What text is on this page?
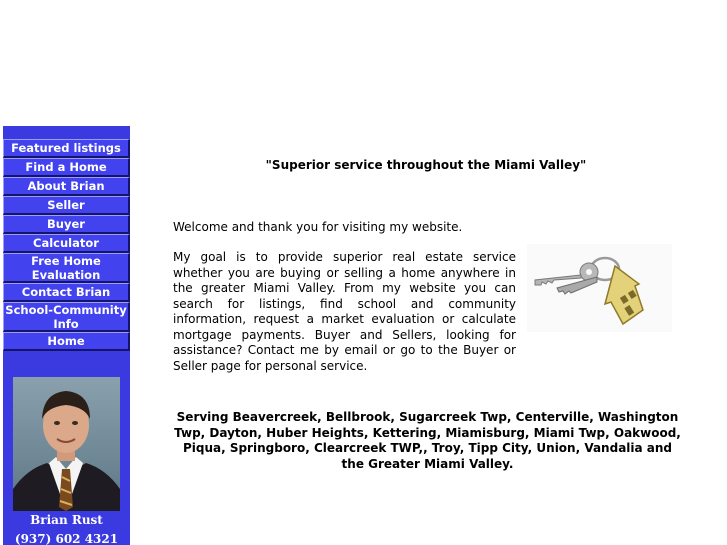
Featured listings
Find a Home
About Brian
Seller
Buyer
Calculator
Free Home Evaluation
Contact Brian
School-Community Info
Home
Brian Rust
(937) 602 4321
"Superior service throughout the Miami Valley"
Welcome and thank you for visiting my website.
My goal is to provide superior real estate service whether you are buying or selling a home anywhere in the greater Miami Valley. From my website you can search for listings, find school and community information, request a market evaluation or calculate mortgage payments. Buyer and Sellers, looking for assistance? Contact me by email or go to the Buyer or Seller page for personal service.
Serving Beavercreek, Bellbrook, Sugarcreek Twp, Centerville, Washington Twp, Dayton, Huber Heights, Kettering, Miamisburg, Miami Twp, Oakwood, Piqua, Springboro, Clearcreek TWP,, Troy, Tipp City, Union, Vandalia and the Greater Miami Valley.
